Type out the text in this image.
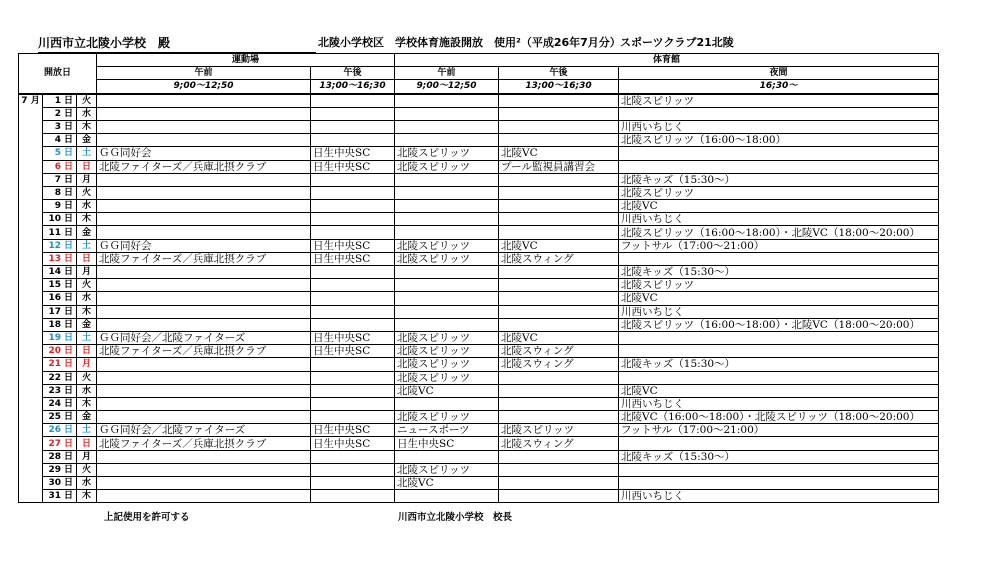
川西市立北陵小学校　殿	北陵小学校区　学校体育施設開放　使用²（平成26年7月分） スポーツクラブ21北陵
開放日			運動場		体育館		
			午前	午後	午前	午後	夜間
			9;00～12;50	13;00～16;30	9;00～12;50	13;00～16;30	16;30～
7 月	1 日	火					北陵スピリッツ
	2 日	水					
	3 日	木					川西いちじく
	4 日	金					北陵スピリッツ（16:00～18:00）
	5 日	土	ＧＧ同好会	日生中央SC	北陵スピリッツ	北陵VC	
	6 日	日	北陵ファイターズ／兵庫北摂クラブ	日生中央SC	北陵スピリッツ	プール監視員講習会	
	7 日	月					北陵キッズ（15:30～）
	8 日	火					北陵スピリッツ
	9 日	水					北陵VC
	10 日	木					川西いちじく
	11 日	金					北陵スピリッツ（16:00～18:00）・北陵VC（18:00～20:00）
	12 日	土	ＧＧ同好会	日生中央SC	北陵スピリッツ	北陵VC	フットサル（17:00～21:00）
	13 日	日	北陵ファイターズ／兵庫北摂クラブ	日生中央SC	北陵スピリッツ	北陵スウィング	
	14 日	月					北陵キッズ（15:30～）
	15 日	火					北陵スピリッツ
	16 日	水					北陵VC
	17 日	木					川西いちじく
	18 日	金					北陵スピリッツ（16:00～18:00）・北陵VC（18:00～20:00）
	19 日	土	ＧＧ同好会／北陵ファイターズ	日生中央SC	北陵スピリッツ	北陵VC	
	20 日	日	北陵ファイターズ／兵庫北摂クラブ	日生中央SC	北陵スピリッツ	北陵スウィング	
	21 日	月			北陵スピリッツ	北陵スウィング	北陵キッズ（15:30～）
	22 日	火			北陵スピリッツ		
	23 日	水			北陵VC		北陵VC
	24 日	木					川西いちじく
	25 日	金			北陵スピリッツ		北陵VC（16:00～18:00）・北陵スピリッツ（18:00～20:00）
	26 日	土	ＧＧ同好会／北陵ファイターズ	日生中央SC	ニュースポーツ	北陵スピリッツ	フットサル（17:00～21:00）
	27 日	日	北陵ファイターズ／兵庫北摂クラブ	日生中央SC	日生中央SC	北陵スウィング	
	28 日	月					北陵キッズ（15:30～）
	29 日	火			北陵スピリッツ		
	30 日	水			北陵VC		
	31 日	木					川西いちじく
上記使用を許可する	川西市立北陵小学校　校長
